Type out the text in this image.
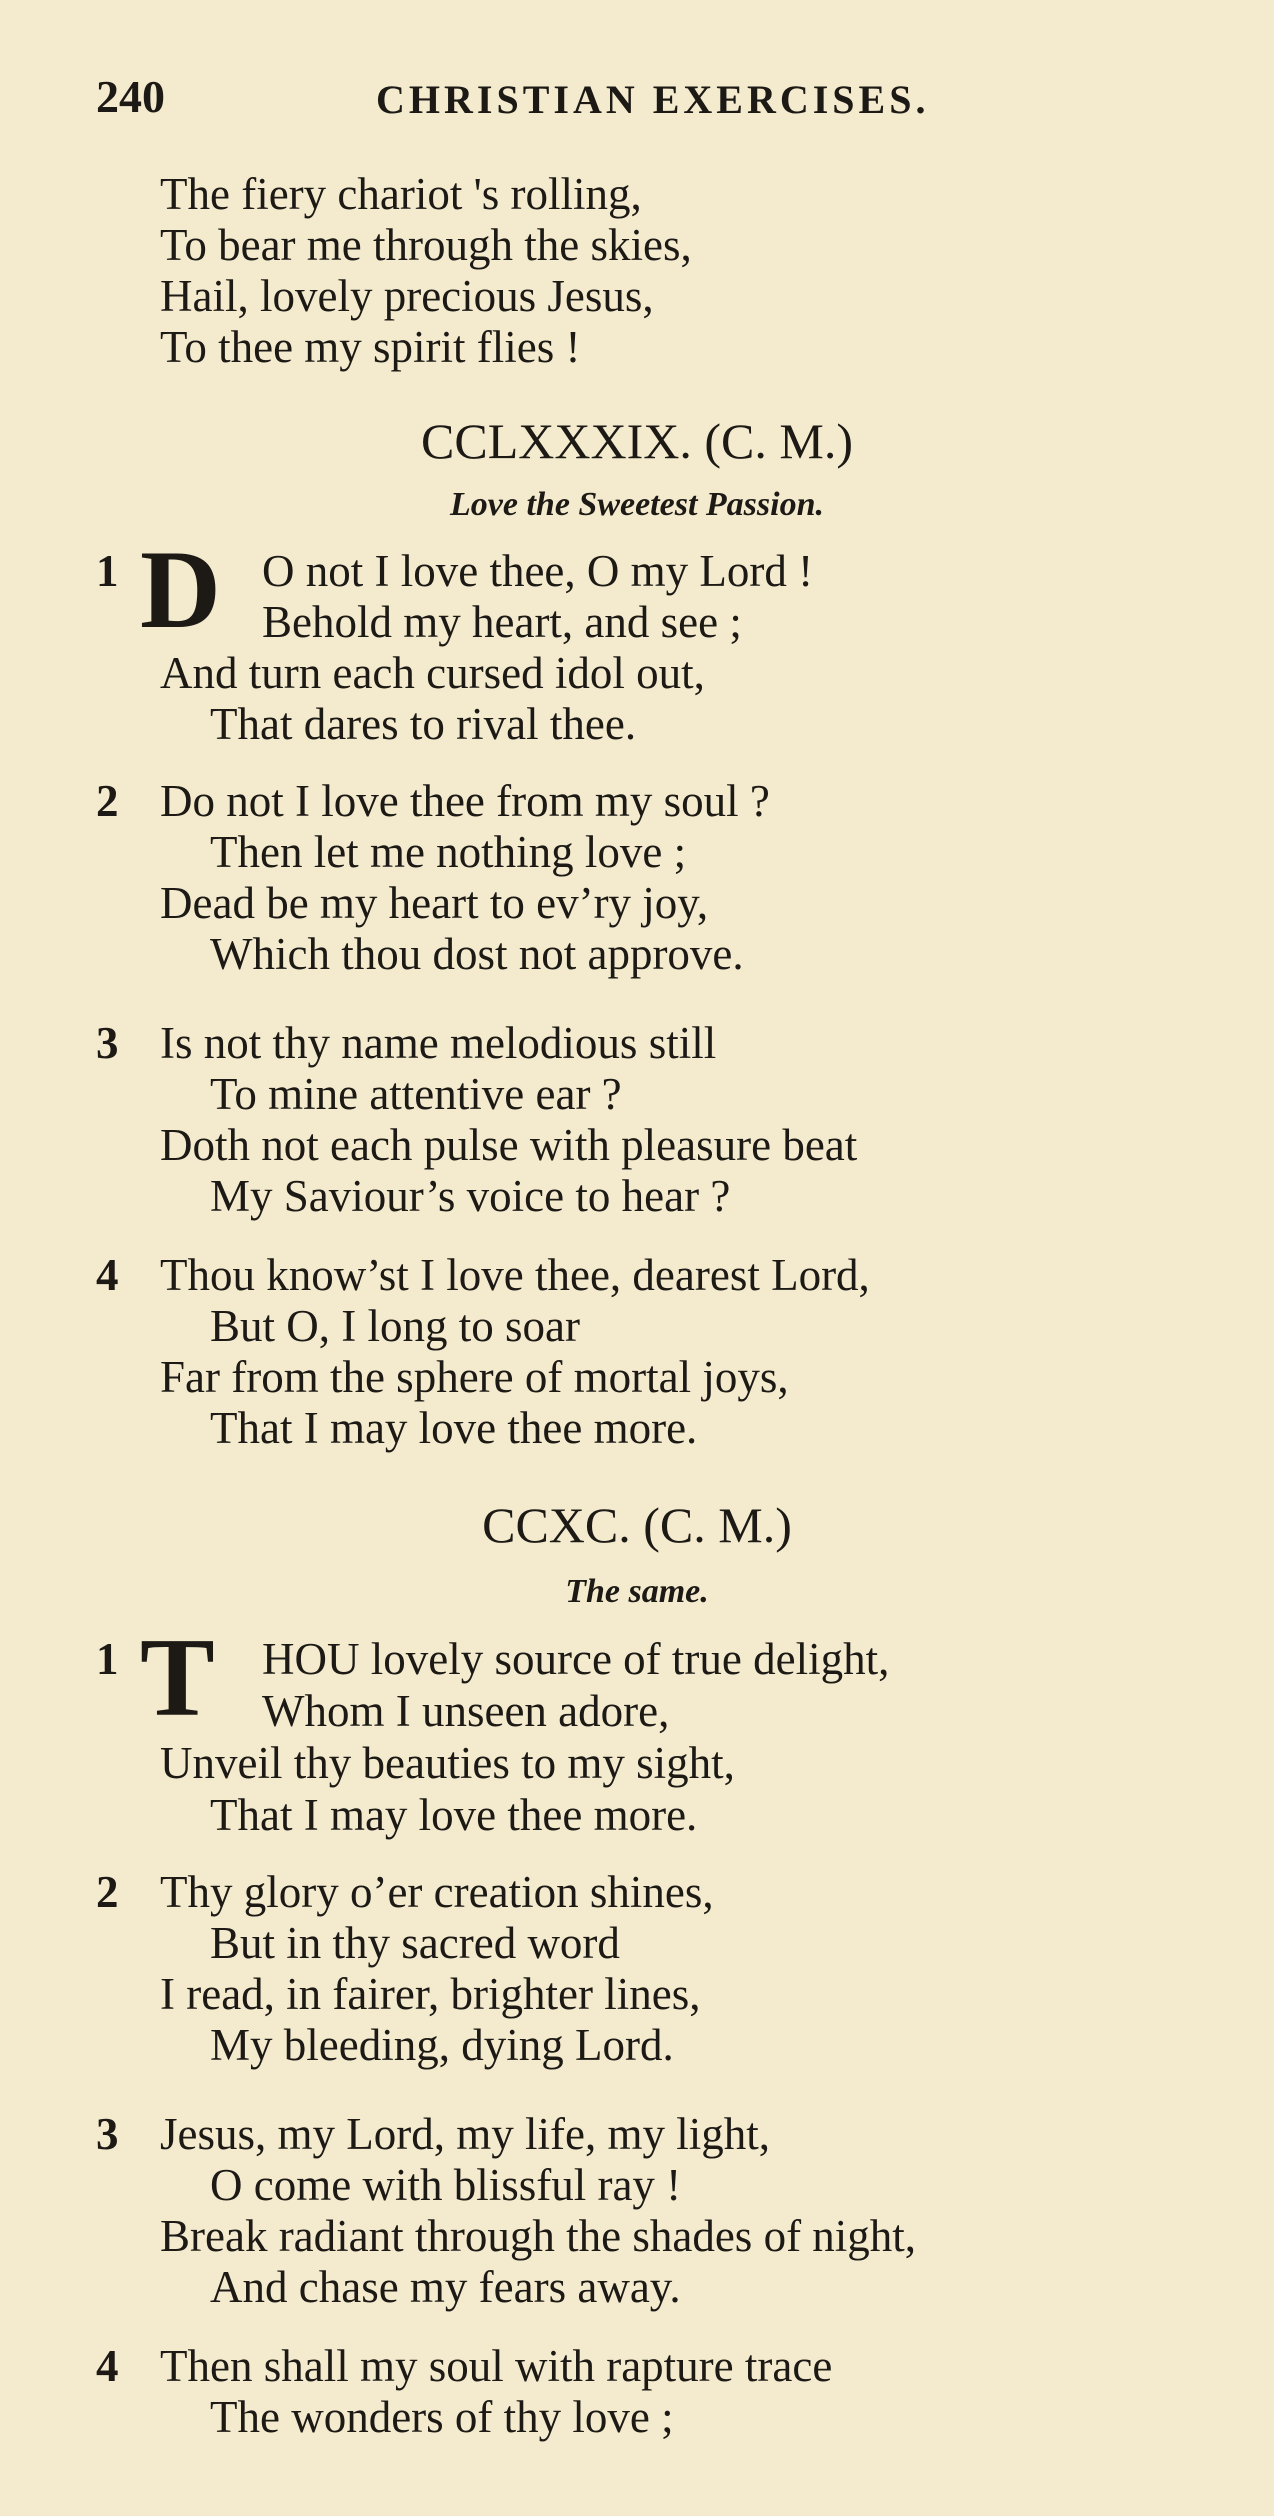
240	CHRISTIAN EXERCISES.
The fiery chariot 's rolling,
To bear me through the skies,
Hail, lovely precious Jesus,
To thee my spirit flies !
CCLXXXIX. (C. M.)
Love the Sweetest Passion.
1 D O not I love thee, O my Lord !
Behold my heart, and see ;
And turn each cursed idol out,
That dares to rival thee.
2 Do not I love thee from my soul ?
Then let me nothing love ;
Dead be my heart to ev’ry joy,
Which thou dost not approve.
3 Is not thy name melodious still
To mine attentive ear ?
Doth not each pulse with pleasure beat
My Saviour’s voice to hear ?
4 Thou know’st I love thee, dearest Lord,
But O, I long to soar
Far from the sphere of mortal joys,
That I may love thee more.
CCXC. (C. M.)
The same.
1 T HOU lovely source of true delight,
Whom I unseen adore,
Unveil thy beauties to my sight,
That I may love thee more.
2 Thy glory o’er creation shines,
But in thy sacred word
I read, in fairer, brighter lines,
My bleeding, dying Lord.
3 Jesus, my Lord, my life, my light,
O come with blissful ray !
Break radiant through the shades of night,
And chase my fears away.
4 Then shall my soul with rapture trace
The wonders of thy love ;
